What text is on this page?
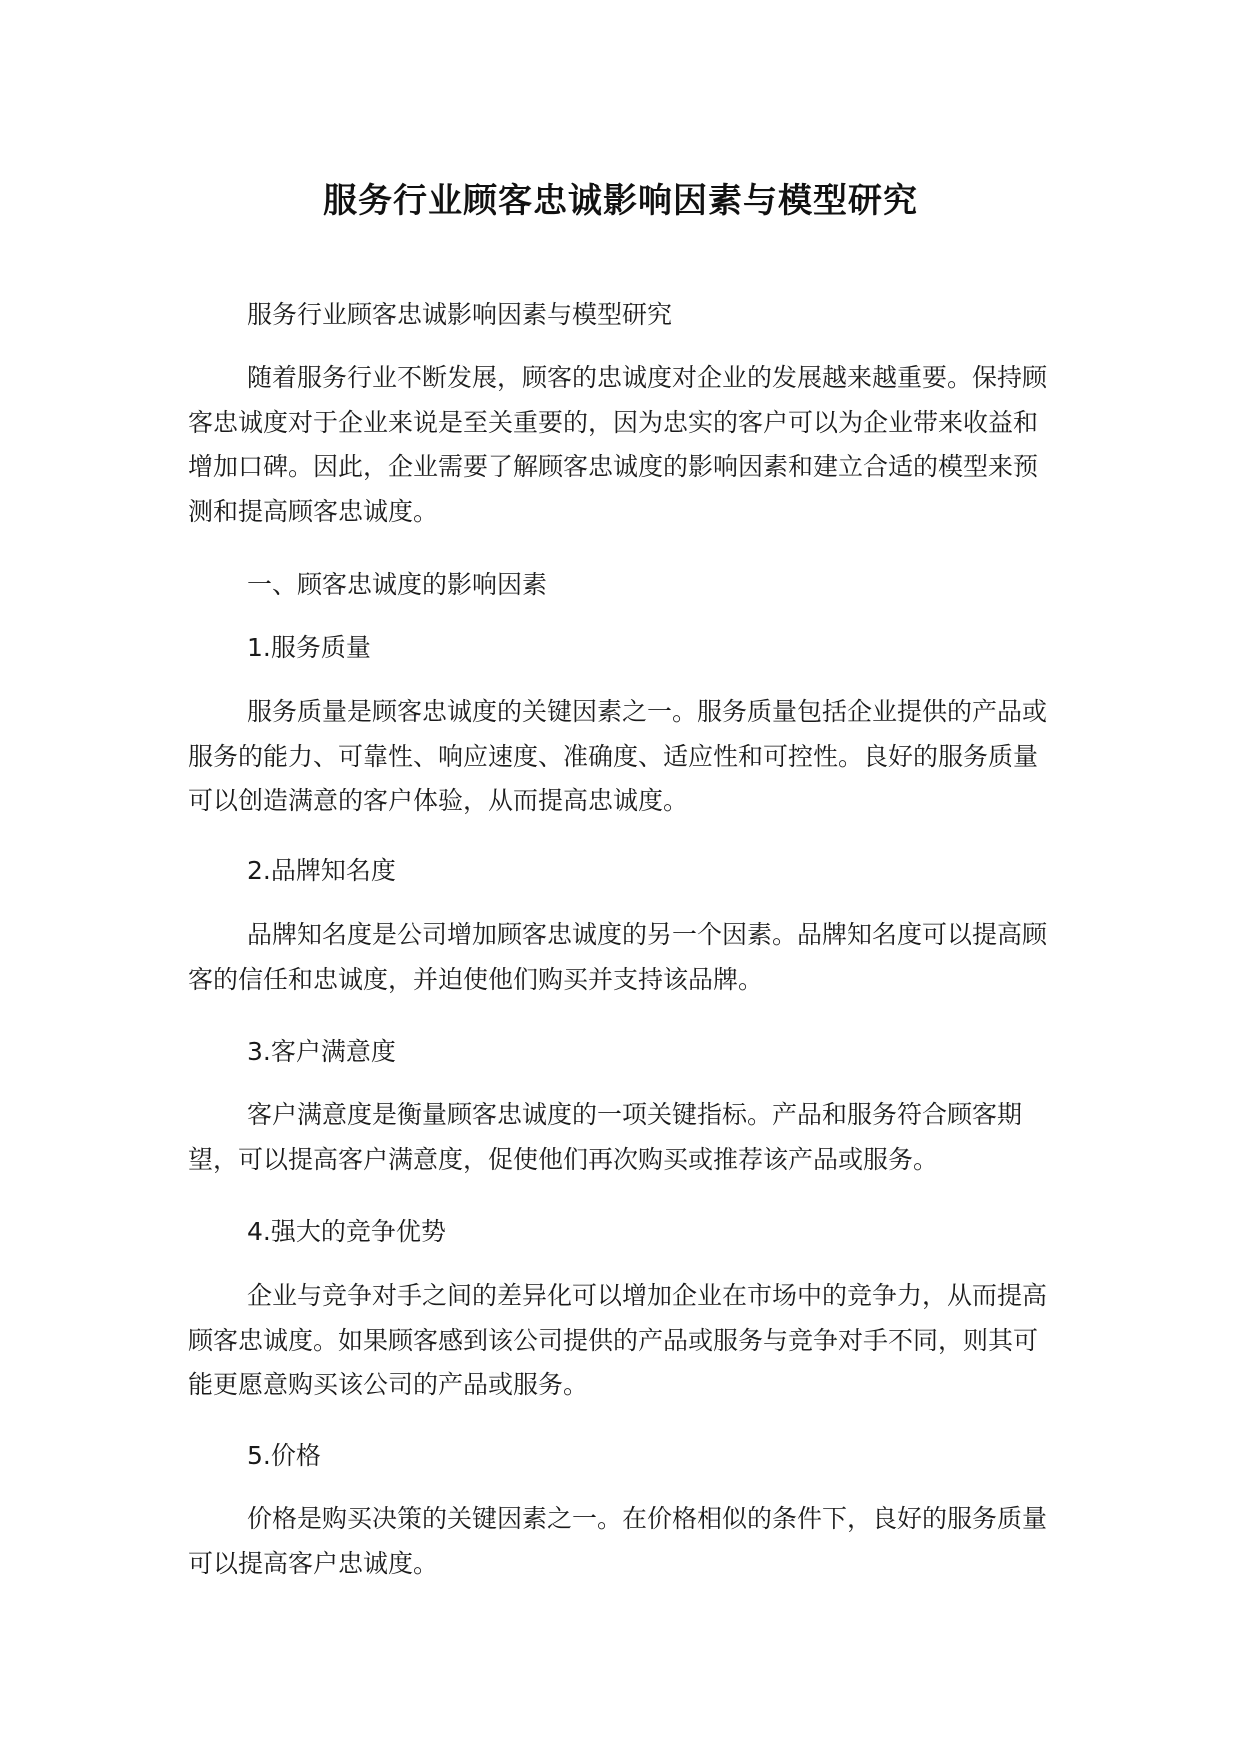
服务行业顾客忠诚影响因素与模型研究

服务行业顾客忠诚影响因素与模型研究

随着服务行业不断发展，顾客的忠诚度对企业的发展越来越重要。保持顾客忠诚度对于企业来说是至关重要的，因为忠实的客户可以为企业带来收益和增加口碑。因此，企业需要了解顾客忠诚度的影响因素和建立合适的模型来预测和提高顾客忠诚度。

一、顾客忠诚度的影响因素

1.服务质量

服务质量是顾客忠诚度的关键因素之一。服务质量包括企业提供的产品或服务的能力、可靠性、响应速度、准确度、适应性和可控性。良好的服务质量可以创造满意的客户体验，从而提高忠诚度。

2.品牌知名度

品牌知名度是公司增加顾客忠诚度的另一个因素。品牌知名度可以提高顾客的信任和忠诚度，并迫使他们购买并支持该品牌。

3.客户满意度

客户满意度是衡量顾客忠诚度的一项关键指标。产品和服务符合顾客期望，可以提高客户满意度，促使他们再次购买或推荐该产品或服务。

4.强大的竞争优势

企业与竞争对手之间的差异化可以增加企业在市场中的竞争力，从而提高顾客忠诚度。如果顾客感到该公司提供的产品或服务与竞争对手不同，则其可能更愿意购买该公司的产品或服务。

5.价格

价格是购买决策的关键因素之一。在价格相似的条件下，良好的服务质量可以提高客户忠诚度。
